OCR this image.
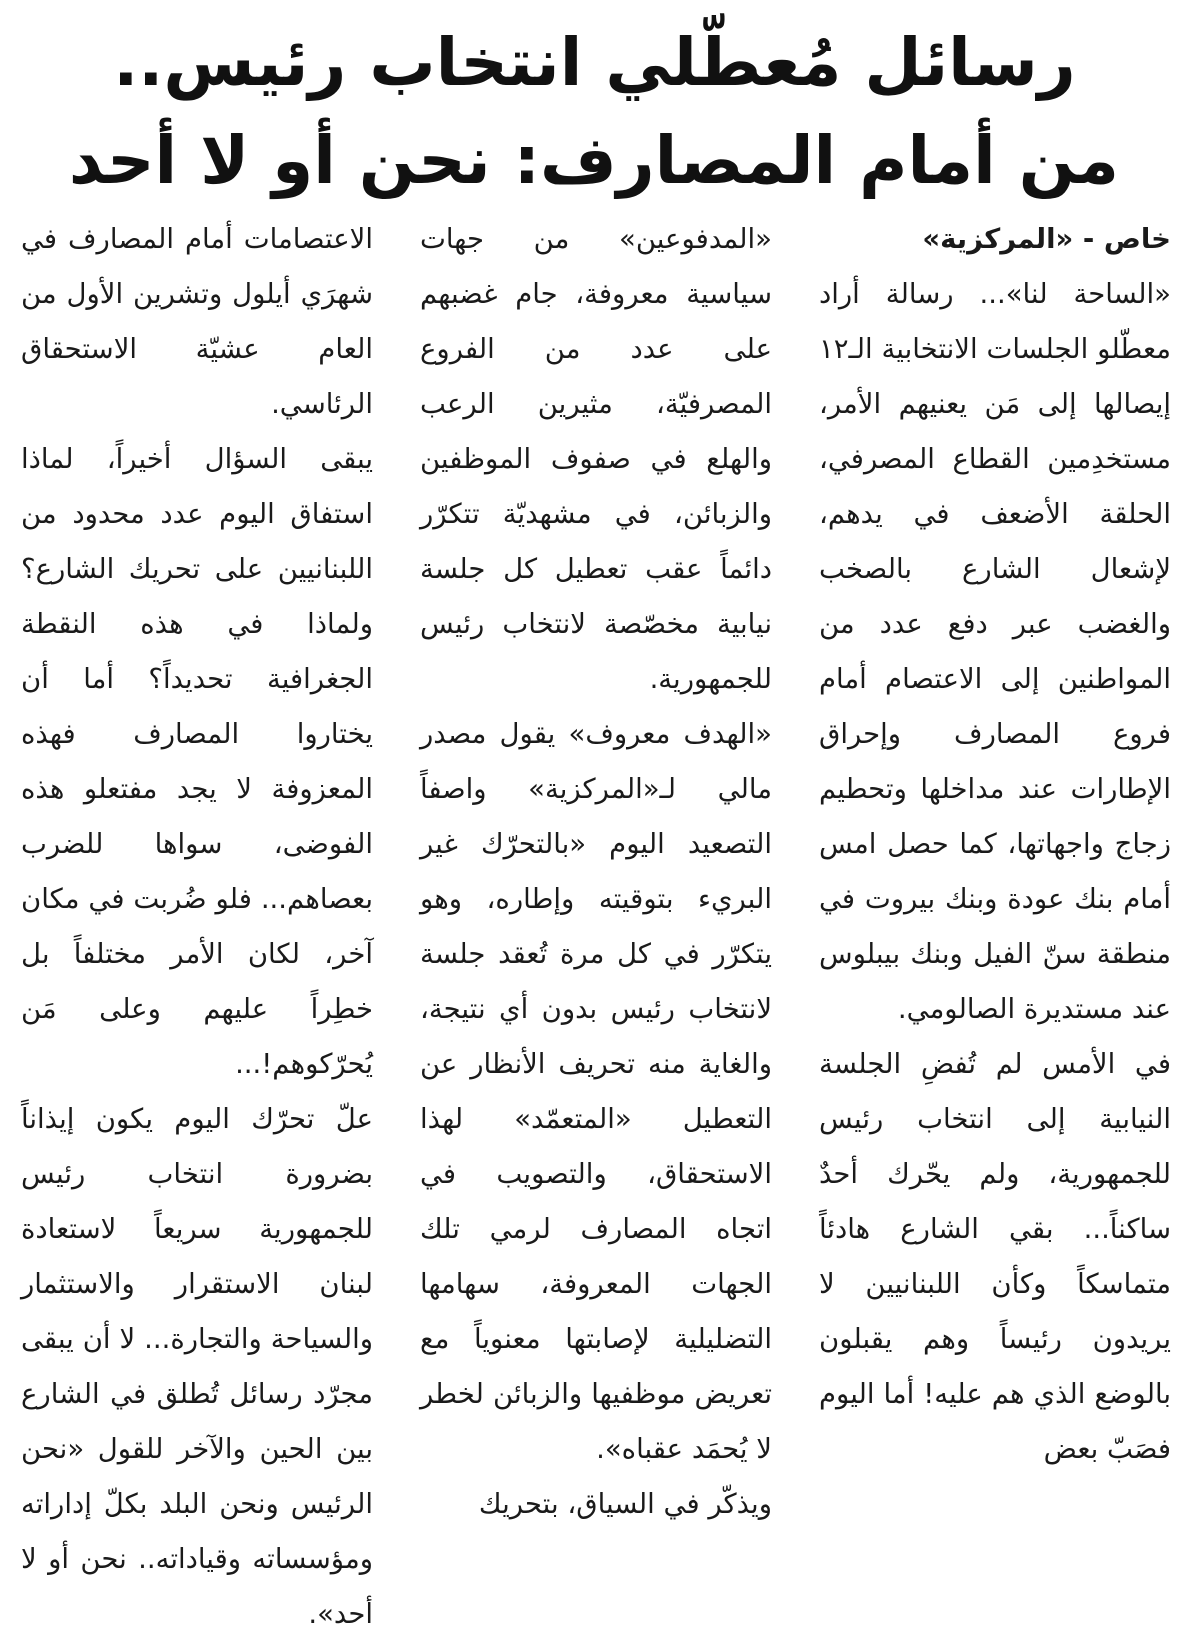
رسائل مُعطّلي انتخاب رئيس..
من أمام المصارف: نحن أو لا أحد
خاص - «المركزية»

«الساحة لنا»... رسالة أراد معطّلو الجلسات الانتخابية الـ١٢ إيصالها إلى مَن يعنيهم الأمر، مستخدِمين القطاع المصرفي، الحلقة الأضعف في يدهم، لإشعال الشارع بالصخب والغضب عبر دفع عدد من المواطنين إلى الاعتصام أمام فروع المصارف وإحراق الإطارات عند مداخلها وتحطيم زجاج واجهاتها، كما حصل امس أمام بنك عودة وبنك بيروت في منطقة سنّ الفيل وبنك بيبلوس عند مستديرة الصالومي.

في الأمس لم تُفضِ الجلسة النيابية إلى انتخاب رئيس للجمهورية، ولم يحّرك أحدٌ ساكناً... بقي الشارع هادئاً متماسكاً وكأن اللبنانيين لا يريدون رئيساً وهم يقبلون بالوضع الذي هم عليه! أما اليوم فصَبّ بعض

«المدفوعين» من جهات سياسية معروفة، جام غضبهم على عدد من الفروع المصرفيّة، مثيرين الرعب والهلع في صفوف الموظفين والزبائن، في مشهديّة تتكرّر دائماً عقب تعطيل كل جلسة نيابية مخصّصة لانتخاب رئيس للجمهورية.

«الهدف معروف» يقول مصدر مالي لـ«المركزية» واصفاً التصعيد اليوم «بالتحرّك غير البريء بتوقيته وإطاره، وهو يتكرّر في كل مرة تُعقد جلسة لانتخاب رئيس بدون أي نتيجة، والغاية منه تحريف الأنظار عن التعطيل «المتعمّد» لهذا الاستحقاق، والتصويب في اتجاه المصارف لرمي تلك الجهات المعروفة، سهامها التضليلية لإصابتها معنوياً مع تعريض موظفيها والزبائن لخطر لا يُحمَد عقباه».

ويذكّر في السياق، بتحريك

الاعتصامات أمام المصارف في شهرَي أيلول وتشرين الأول من العام عشيّة الاستحقاق الرئاسي.

يبقى السؤال أخيراً، لماذا استفاق اليوم عدد محدود من اللبنانيين على تحريك الشارع؟ ولماذا في هذه النقطة الجغرافية تحديداً؟ أما أن يختاروا المصارف فهذه المعزوفة لا يجد مفتعلو هذه الفوضى، سواها للضرب بعصاهم... فلو ضُربت في مكان آخر، لكان الأمر مختلفاً بل خطِراً عليهم وعلى مَن يُحرّكوهم!...

علّ تحرّك اليوم يكون إيذاناً بضرورة انتخاب رئيس للجمهورية سريعاً لاستعادة لبنان الاستقرار والاستثمار والسياحة والتجارة... لا أن يبقى مجرّد رسائل تُطلق في الشارع بين الحين والآخر للقول «نحن الرئيس ونحن البلد بكلّ إداراته ومؤسساته وقياداته.. نحن أو لا أحد».
